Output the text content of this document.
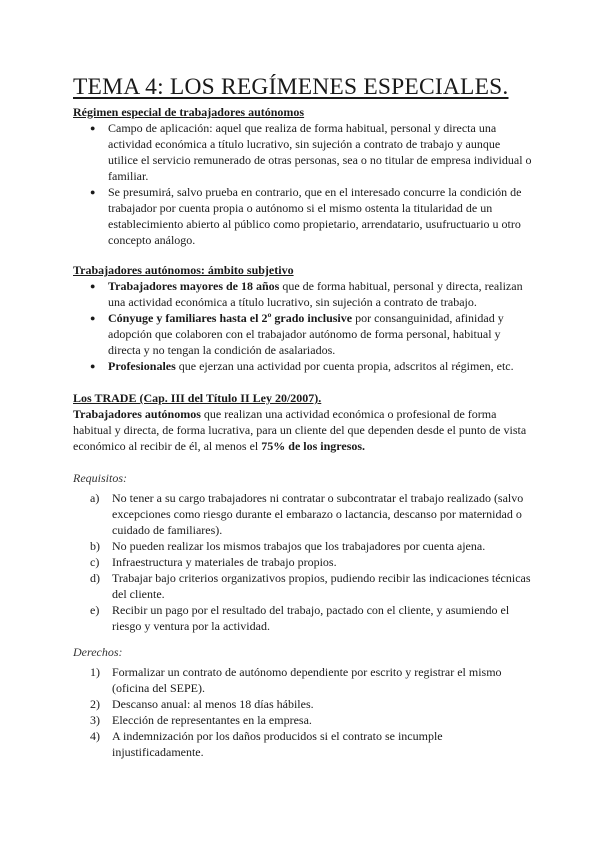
TEMA 4: LOS REGÍMENES ESPECIALES.

Régimen especial de trabajadores autónomos

● Campo de aplicación: aquel que realiza de forma habitual, personal y directa una actividad económica a título lucrativo, sin sujeción a contrato de trabajo y aunque utilice el servicio remunerado de otras personas, sea o no titular de empresa individual o familiar.
● Se presumirá, salvo prueba en contrario, que en el interesado concurre la condición de trabajador por cuenta propia o autónomo si el mismo ostenta la titularidad de un establecimiento abierto al público como propietario, arrendatario, usufructuario u otro concepto análogo.

Trabajadores autónomos: ámbito subjetivo

● Trabajadores mayores de 18 años que de forma habitual, personal y directa, realizan una actividad económica a título lucrativo, sin sujeción a contrato de trabajo.
● Cónyuge y familiares hasta el 2º grado inclusive por consanguinidad, afinidad y adopción que colaboren con el trabajador autónomo de forma personal, habitual y directa y no tengan la condición de asalariados.
● Profesionales que ejerzan una actividad por cuenta propia, adscritos al régimen, etc.

Los TRADE (Cap. III del Título II Ley 20/2007).

Trabajadores autónomos que realizan una actividad económica o profesional de forma habitual y directa, de forma lucrativa, para un cliente del que dependen desde el punto de vista económico al recibir de él, al menos el 75% de los ingresos.

Requisitos:

a) No tener a su cargo trabajadores ni contratar o subcontratar el trabajo realizado (salvo excepciones como riesgo durante el embarazo o lactancia, descanso por maternidad o cuidado de familiares).
b) No pueden realizar los mismos trabajos que los trabajadores por cuenta ajena.
c) Infraestructura y materiales de trabajo propios.
d) Trabajar bajo criterios organizativos propios, pudiendo recibir las indicaciones técnicas del cliente.
e) Recibir un pago por el resultado del trabajo, pactado con el cliente, y asumiendo el riesgo y ventura por la actividad.

Derechos:

1) Formalizar un contrato de autónomo dependiente por escrito y registrar el mismo (oficina del SEPE).
2) Descanso anual: al menos 18 días hábiles.
3) Elección de representantes en la empresa.
4) A indemnización por los daños producidos si el contrato se incumple injustificadamente.
